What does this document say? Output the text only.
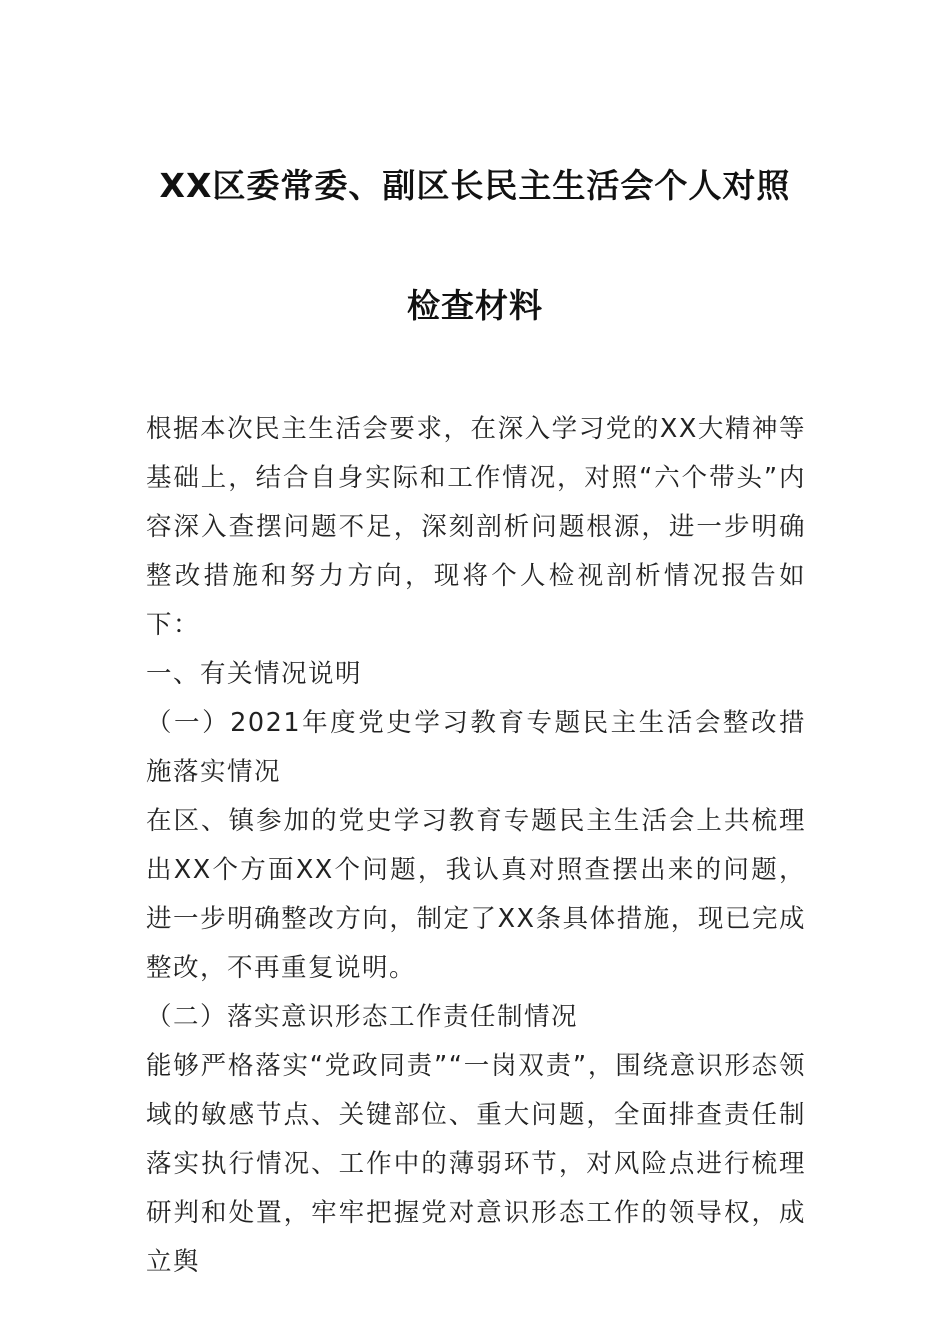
XX区委常委、副区长民主生活会个人对照
检查材料

根据本次民主生活会要求，在深入学习党的XX大精神等基础上，结合自身实际和工作情况，对照“六个带头”内容深入查摆问题不足，深刻剖析问题根源，进一步明确整改措施和努力方向，现将个人检视剖析情况报告如下：

一、有关情况说明

（一）2021年度党史学习教育专题民主生活会整改措施落实情况

在区、镇参加的党史学习教育专题民主生活会上共梳理出XX个方面XX个问题，我认真对照查摆出来的问题，进一步明确整改方向，制定了XX条具体措施，现已完成整改，不再重复说明。

（二）落实意识形态工作责任制情况

能够严格落实“党政同责”“一岗双责”，围绕意识形态领域的敏感节点、关键部位、重大问题，全面排查责任制落实执行情况、工作中的薄弱环节，对风险点进行梳理研判和处置，牢牢把握党对意识形态工作的领导权，成立舆
